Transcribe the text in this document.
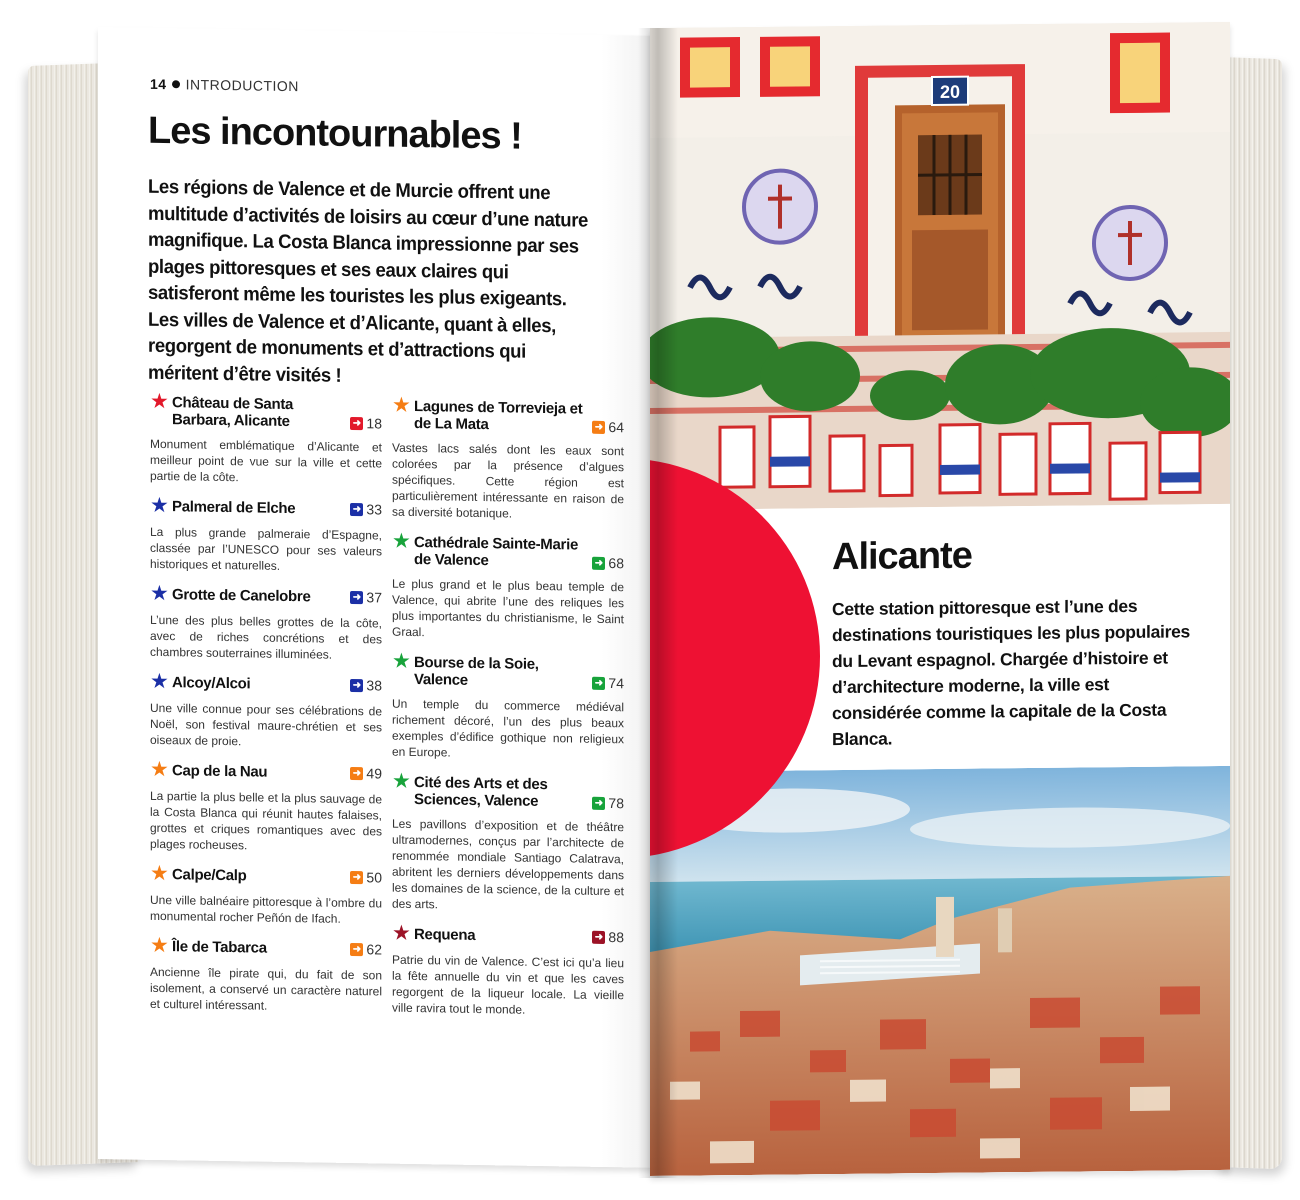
14 INTRODUCTION
Les incontournables !

Les régions de Valence et de Murcie offrent une multitude d’activités de loisirs au cœur d’une nature magnifique. La Costa Blanca impressionne par ses plages pittoresques et ses eaux claires qui satisferont même les touristes les plus exigeants. Les villes de Valence et d’Alicante, quant à elles, regorgent de monuments et d’attractions qui méritent d’être visités !

★ Château de Santa Barbara, Alicante	➜ 18

Monument emblématique d’Alicante et meilleur point de vue sur la ville et cette partie de la côte.

★ Palmeral de Elche	➜ 33

La plus grande palmeraie d’Espagne, classée par l’UNESCO pour ses valeurs historiques et naturelles.

★ Grotte de Canelobre	➜ 37

L’une des plus belles grottes de la côte, avec de riches concrétions et des chambres souterraines illuminées.

★ Alcoy/Alcoi	➜ 38

Une ville connue pour ses célébrations de Noël, son festival maure-chrétien et ses oiseaux de proie.

★ Cap de la Nau	➜ 49

La partie la plus belle et la plus sauvage de la Costa Blanca qui réunit hautes falaises, grottes et criques romantiques avec des plages rocheuses.

★ Calpe/Calp	➜ 50

Une ville balnéaire pittoresque à l’ombre du monumental rocher Peñón de Ifach.

★ Île de Tabarca	➜ 62

Ancienne île pirate qui, du fait de son isolement, a conservé un caractère naturel et culturel intéressant.

★ Lagunes de Torrevieja et de La Mata	➜ 64

Vastes lacs salés dont les eaux sont colorées par la présence d’algues spécifiques. Cette région est particulièrement intéressante en raison de sa diversité botanique.

★ Cathédrale Sainte-Marie de Valence	➜ 68

Le plus grand et le plus beau temple de Valence, qui abrite l’une des reliques les plus importantes du christianisme, le Saint Graal.

★ Bourse de la Soie, Valence	➜ 74

Un temple du commerce médiéval richement décoré, l’un des plus beaux exemples d’édifice gothique non religieux en Europe.

★ Cité des Arts et des Sciences, Valence	➜ 78

Les pavillons d’exposition et de théâtre ultramodernes, conçus par l’architecte de renommée mondiale Santiago Calatrava, abritent les derniers développements dans les domaines de la science, de la culture et des arts.

★ Requena	➜ 88

Patrie du vin de Valence. C’est ici qu’a lieu la fête annuelle du vin et que les caves regorgent de la liqueur locale. La vieille ville ravira tout le monde.

20
Alicante

Cette station pittoresque est l’une des destinations touristiques les plus populaires du Levant espagnol. Chargée d’histoire et d’architecture moderne, la ville est considérée comme la capitale de la Costa Blanca.
